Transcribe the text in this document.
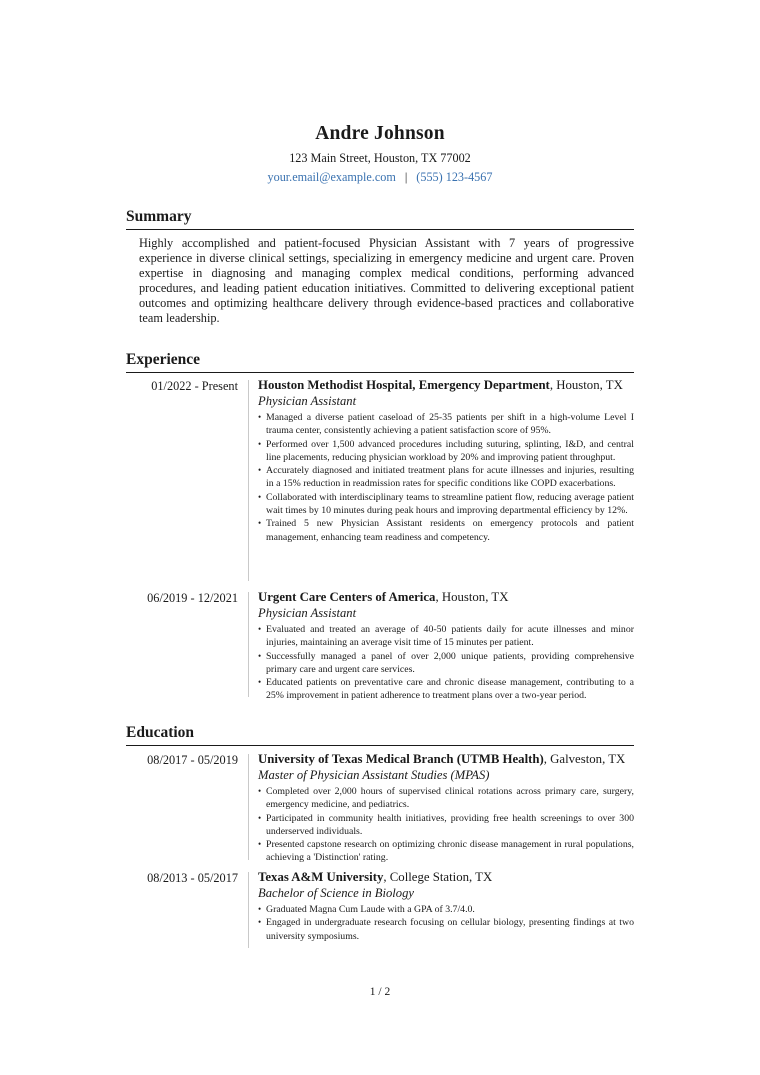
Andre Johnson
123 Main Street, Houston, TX 77002
your.email@example.com | (555) 123-4567
Summary
Highly accomplished and patient-focused Physician Assistant with 7 years of progressive experience in diverse clinical settings, specializing in emergency medicine and urgent care. Proven expertise in diagnosing and managing complex medical conditions, performing advanced procedures, and leading patient education initiatives. Committed to delivering exceptional patient outcomes and optimizing healthcare delivery through evidence-based practices and collaborative team leadership.
Experience
01/2022 - Present Houston Methodist Hospital, Emergency Department, Houston, TX
Physician Assistant
• Managed a diverse patient caseload of 25-35 patients per shift in a high-volume Level I trauma center, consistently achieving a patient satisfaction score of 95%.
• Performed over 1,500 advanced procedures including suturing, splinting, I&D, and central line placements, reducing physician workload by 20% and improving patient throughput.
• Accurately diagnosed and initiated treatment plans for acute illnesses and injuries, resulting in a 15% reduction in readmission rates for specific conditions like COPD exacerbations.
• Collaborated with interdisciplinary teams to streamline patient flow, reducing average patient wait times by 10 minutes during peak hours and improving departmental efficiency by 12%.
• Trained 5 new Physician Assistant residents on emergency protocols and patient management, enhancing team readiness and competency.
06/2019 - 12/2021 Urgent Care Centers of America, Houston, TX
Physician Assistant
• Evaluated and treated an average of 40-50 patients daily for acute illnesses and minor injuries, maintaining an average visit time of 15 minutes per patient.
• Successfully managed a panel of over 2,000 unique patients, providing comprehensive primary care and urgent care services.
• Educated patients on preventative care and chronic disease management, contributing to a 25% improvement in patient adherence to treatment plans over a two-year period.
Education
08/2017 - 05/2019 University of Texas Medical Branch (UTMB Health), Galveston, TX
Master of Physician Assistant Studies (MPAS)
• Completed over 2,000 hours of supervised clinical rotations across primary care, surgery, emergency medicine, and pediatrics.
• Participated in community health initiatives, providing free health screenings to over 300 underserved individuals.
• Presented capstone research on optimizing chronic disease management in rural populations, achieving a 'Distinction' rating.
08/2013 - 05/2017 Texas A&M University, College Station, TX
Bachelor of Science in Biology
• Graduated Magna Cum Laude with a GPA of 3.7/4.0.
• Engaged in undergraduate research focusing on cellular biology, presenting findings at two university symposiums.
1 / 2
